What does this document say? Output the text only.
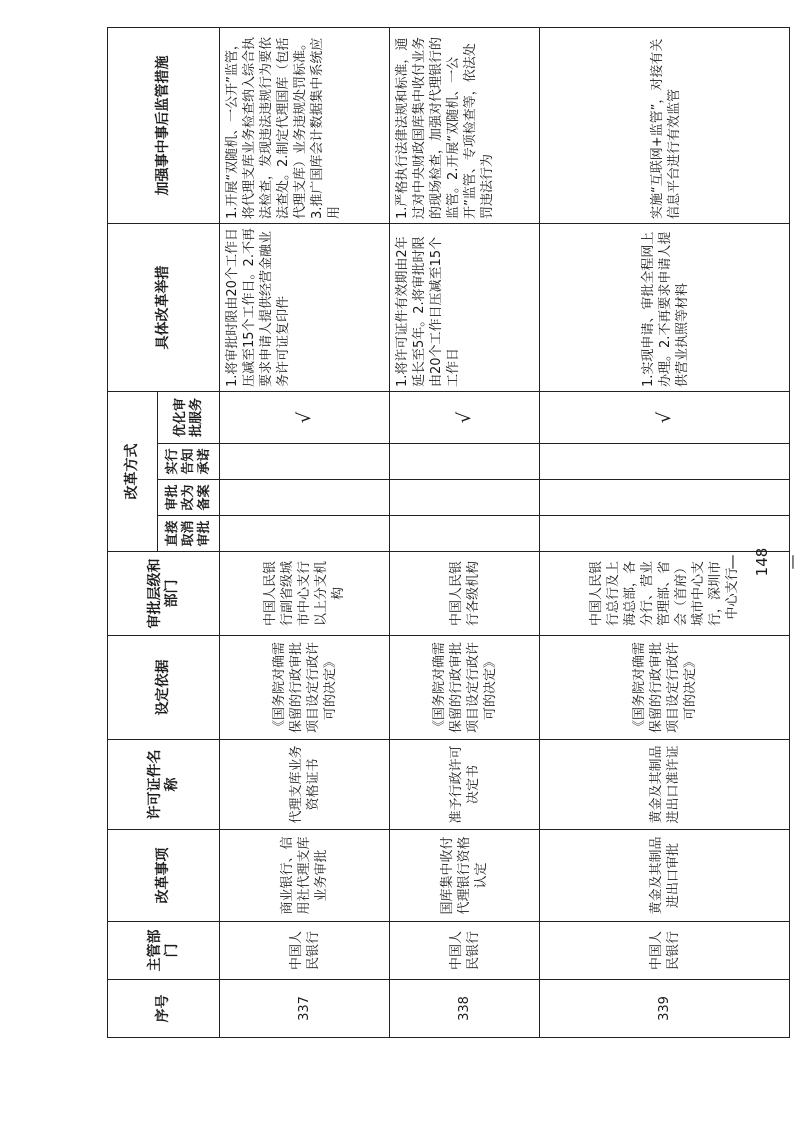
序号	主管部门	改革事项	许可证件名称	设定依据	审批层级和部门	改革方式				具体改革举措	加强事中事后监管措施
						直接取消审批	审批改为备案	实行告知承诺	优化审批服务		
337	中国人民银行	商业银行、信用社代理支库业务审批	代理支库业务资格证书	《国务院对确需保留的行政审批项目设定行政许可的决定》	中国人民银行副省级城市中心支行以上分支机构				√	1.将审批时限由20个工作日压减至15个工作日。2.不再要求申请人提供经营金融业务许可证复印件	1.开展“双随机、一公开”监管，将代理支库业务检查纳入综合执法检查，发现违法违规行为要依法查处。2.制定代理国库（包括代理支库）业务违规处罚标准。3.推广国库会计数据集中系统应用
338	中国人民银行	国库集中收付代理银行资格认定	准予行政许可决定书	《国务院对确需保留的行政审批项目设定行政许可的决定》	中国人民银行各级机构				√	1.将许可证件有效期由2年延长至5年。2.将审批时限由20个工作日压减至15个工作日	1.严格执行法律法规和标准，通过对中央财政国库集中收付业务的现场检查，加强对代理银行的监管。2.开展“双随机、一公开”监管、专项检查等，依法处罚违法行为
339	中国人民银行	黄金及其制品进出口审批	黄金及其制品进出口准许证	《国务院对确需保留的行政审批项目设定行政许可的决定》	中国人民银行总行及上海总部，各分行、营业管理部、省会（首府）城市中心支行，深圳市中心支行				√	1.实现申请、审批全程网上办理。2.不再要求申请人提供营业执照等材料	实施“互联网+监管”，对接有关信息平台进行有效监管
— 148 —
